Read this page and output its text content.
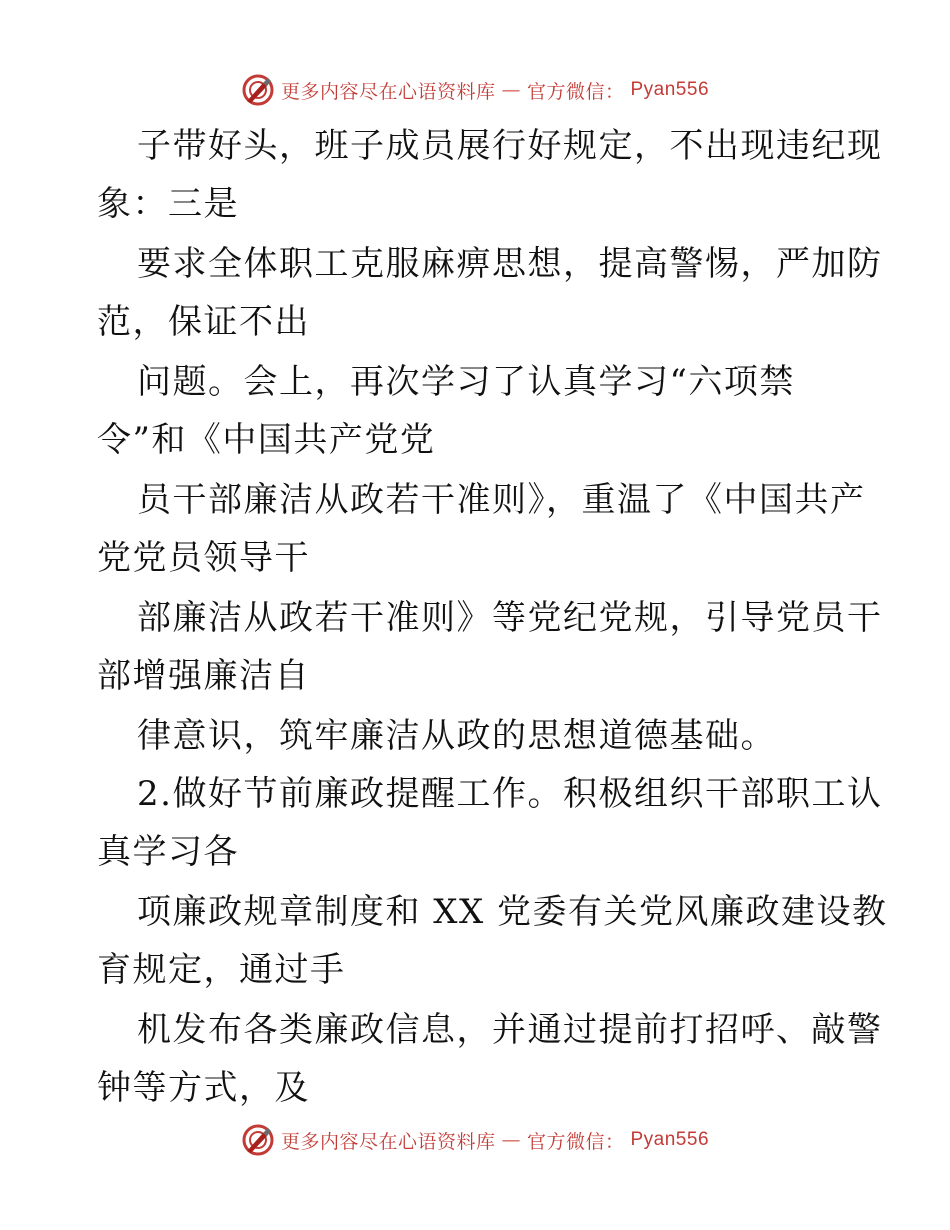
更多内容尽在心语资料库 — 官方微信： Pyan556
子带好头，班子成员展行好规定，不出现违纪现
象：三是
要求全体职工克服麻痹思想，提高警惕，严加防
范，保证不出
问题。会上，再次学习了认真学习“六项禁
令”和《中国共产党党
员干部廉洁从政若干准则》，重温了《中国共产
党党员领导干
部廉洁从政若干准则》等党纪党规，引导党员干
部增强廉洁自
律意识，筑牢廉洁从政的思想道德基础。
2.做好节前廉政提醒工作。积极组织干部职工认
真学习各
项廉政规章制度和 XX 党委有关党风廉政建设教
育规定，通过手
机发布各类廉政信息，并通过提前打招呼、敲警
钟等方式，及
更多内容尽在心语资料库 — 官方微信： Pyan556
